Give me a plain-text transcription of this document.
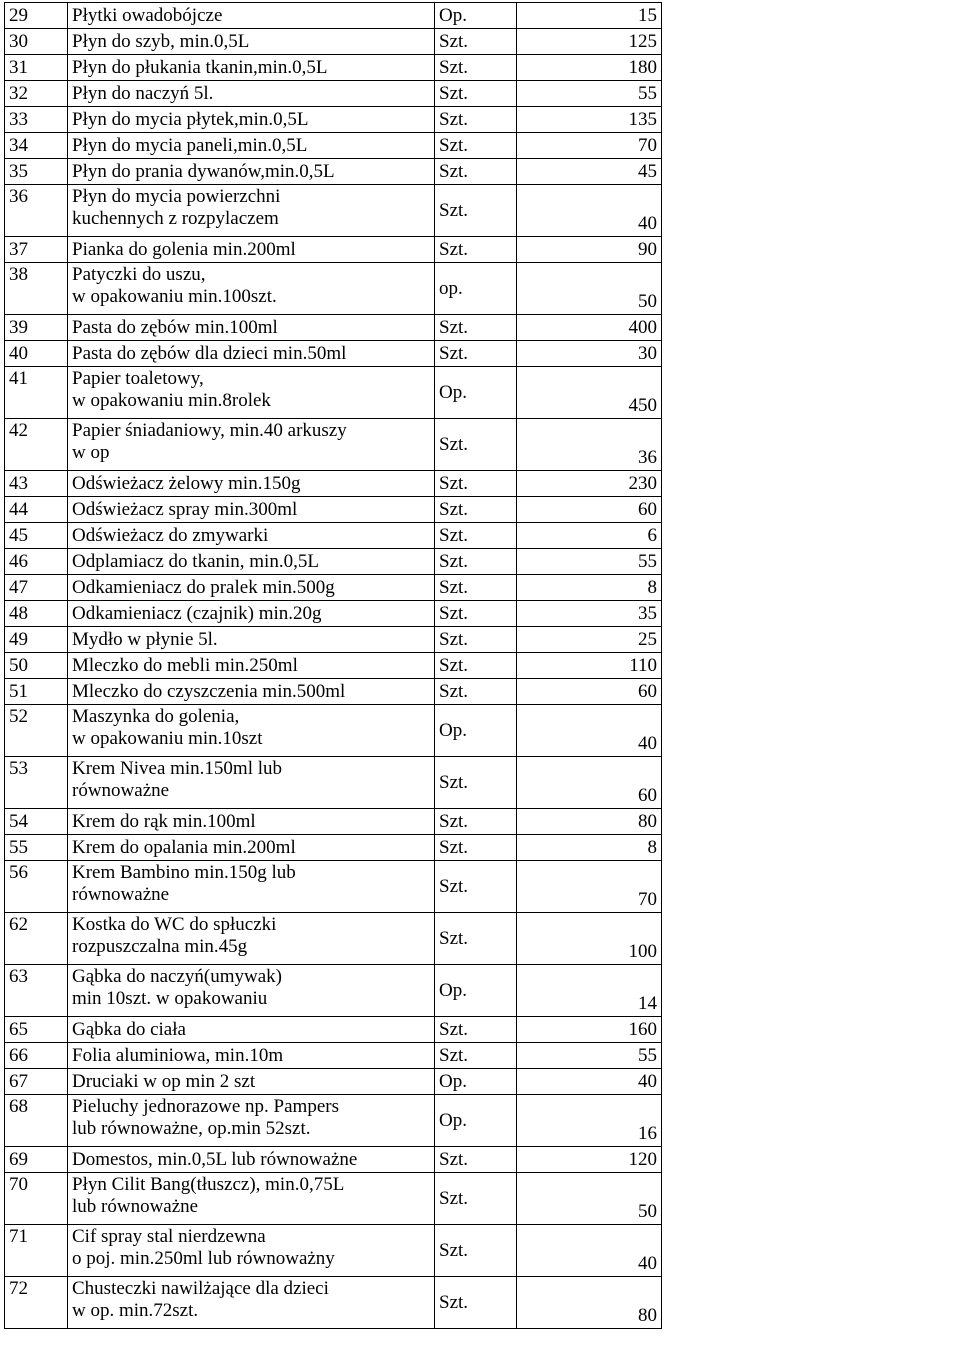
29	Płytki owadobójcze	Op.	15
30	Płyn do szyb, min.0,5L	Szt.	125
31	Płyn do płukania tkanin,min.0,5L	Szt.	180
32	Płyn do naczyń 5l.	Szt.	55
33	Płyn do mycia płytek,min.0,5L	Szt.	135
34	Płyn do mycia paneli,min.0,5L	Szt.	70
35	Płyn do prania dywanów,min.0,5L	Szt.	45
36	Płyn do mycia powierzchni
kuchennych z rozpylaczem	Szt.	40
37	Pianka do golenia min.200ml	Szt.	90
38	Patyczki do uszu,
w opakowaniu min.100szt.	op.	50
39	Pasta do zębów min.100ml	Szt.	400
40	Pasta do zębów dla dzieci min.50ml	Szt.	30
41	Papier toaletowy,
w opakowaniu min.8rolek	Op.	450
42	Papier śniadaniowy, min.40 arkuszy
w op	Szt.	36
43	Odświeżacz żelowy min.150g	Szt.	230
44	Odświeżacz spray min.300ml	Szt.	60
45	Odświeżacz do zmywarki	Szt.	6
46	Odplamiacz do tkanin, min.0,5L	Szt.	55
47	Odkamieniacz do pralek min.500g	Szt.	8
48	Odkamieniacz (czajnik) min.20g	Szt.	35
49	Mydło w płynie 5l.	Szt.	25
50	Mleczko do mebli min.250ml	Szt.	110
51	Mleczko do czyszczenia min.500ml	Szt.	60
52	Maszynka do golenia,
w opakowaniu min.10szt	Op.	40
53	Krem Nivea min.150ml lub
równoważne	Szt.	60
54	Krem do rąk min.100ml	Szt.	80
55	Krem do opalania min.200ml	Szt.	8
56	Krem Bambino min.150g lub
równoważne	Szt.	70
62	Kostka do WC do spłuczki
rozpuszczalna min.45g	Szt.	100
63	Gąbka do naczyń(umywak)
min 10szt. w opakowaniu	Op.	14
65	Gąbka do ciała	Szt.	160
66	Folia aluminiowa, min.10m	Szt.	55
67	Druciaki w op min 2 szt	Op.	40
68	Pieluchy jednorazowe np. Pampers
lub równoważne, op.min 52szt.	Op.	16
69	Domestos, min.0,5L lub równoważne	Szt.	120
70	Płyn Cilit Bang(tłuszcz), min.0,75L
lub równoważne	Szt.	50
71	Cif spray stal nierdzewna
o poj. min.250ml lub równoważny	Szt.	40
72	Chusteczki nawilżające dla dzieci
w op. min.72szt.	Szt.	80
